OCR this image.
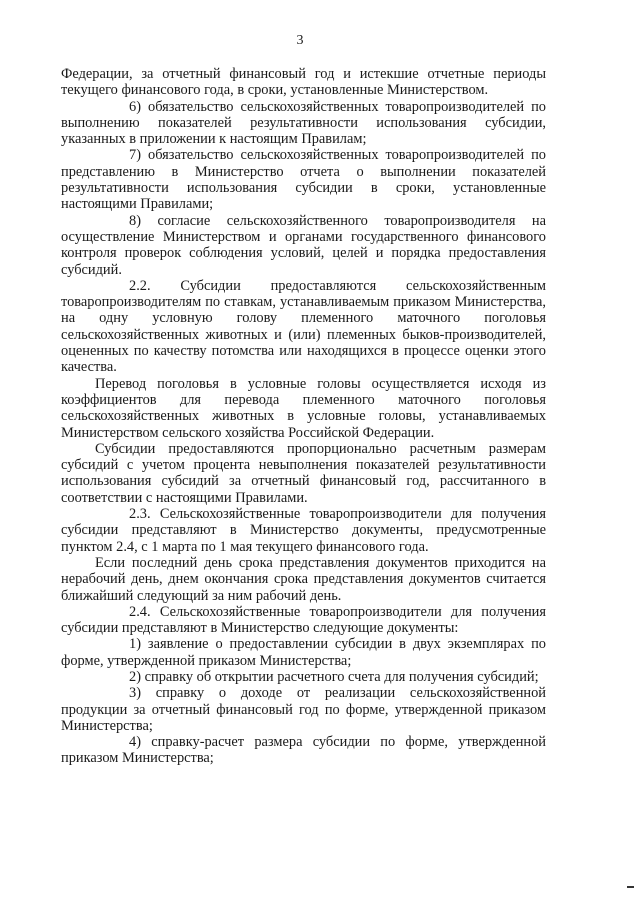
3

Федерации, за отчетный финансовый год и истекшие отчетные периоды текущего финансового года, в сроки, установленные Министерством.

6) обязательство сельскохозяйственных товаропроизводителей по выполнению показателей результативности использования субсидии, указанных в приложении к настоящим Правилам;

7) обязательство сельскохозяйственных товаропроизводителей по представлению в Министерство отчета о выполнении показателей результативности использования субсидии в сроки, установленные настоящими Правилами;

8) согласие сельскохозяйственного товаропроизводителя на осуществление Министерством и органами государственного финансового контроля проверок соблюдения условий, целей и порядка предоставления субсидий.

2.2. Субсидии предоставляются сельскохозяйственным товаропроизводителям по ставкам, устанавливаемым приказом Министерства, на одну условную голову племенного маточного поголовья сельскохозяйственных животных и (или) племенных быков-производителей, оцененных по качеству потомства или находящихся в процессе оценки этого качества.

Перевод поголовья в условные головы осуществляется исходя из коэффициентов для перевода племенного маточного поголовья сельскохозяйственных животных в условные головы, устанавливаемых Министерством сельского хозяйства Российской Федерации.

Субсидии предоставляются пропорционально расчетным размерам субсидий с учетом процента невыполнения показателей результативности использования субсидий за отчетный финансовый год, рассчитанного в соответствии с настоящими Правилами.

2.3. Сельскохозяйственные товаропроизводители для получения субсидии представляют в Министерство документы, предусмотренные пунктом 2.4, с 1 марта по 1 мая текущего финансового года.

Если последний день срока представления документов приходится на нерабочий день, днем окончания срока представления документов считается ближайший следующий за ним рабочий день.

2.4. Сельскохозяйственные товаропроизводители для получения субсидии представляют в Министерство следующие документы:

1) заявление о предоставлении субсидии в двух экземплярах по форме, утвержденной приказом Министерства;

2) справку об открытии расчетного счета для получения субсидий;

3) справку о доходе от реализации сельскохозяйственной продукции за отчетный финансовый год по форме, утвержденной приказом Министерства;

4) справку-расчет размера субсидии по форме, утвержденной приказом Министерства;
